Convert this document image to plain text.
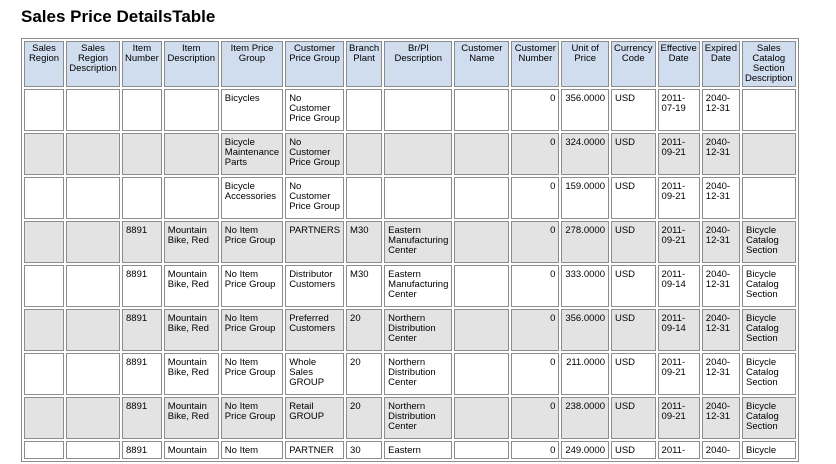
Sales Price DetailsTable
Sales Region	Sales Region Description	Item Number	Item Description	Item Price Group	Customer Price Group	Branch Plant	Br/Pl Description	Customer Name	Customer Number	Unit of Price	Currency Code	Effective Date	Expired Date	Sales Catalog Section Description
				Bicycles	No Customer Price Group				0	356.0000	USD	2011-07-19	2040-12-31	
				Bicycle Maintenance Parts	No Customer Price Group				0	324.0000	USD	2011-09-21	2040-12-31	
				Bicycle Accessories	No Customer Price Group				0	159.0000	USD	2011-09-21	2040-12-31	
		8891	Mountain Bike, Red	No Item Price Group	PARTNERS	M30	Eastern Manufacturing Center		0	278.0000	USD	2011-09-21	2040-12-31	Bicycle Catalog Section
		8891	Mountain Bike, Red	No Item Price Group	Distributor Customers	M30	Eastern Manufacturing Center		0	333.0000	USD	2011-09-14	2040-12-31	Bicycle Catalog Section
		8891	Mountain Bike, Red	No Item Price Group	Preferred Customers	20	Northern Distribution Center		0	356.0000	USD	2011-09-14	2040-12-31	Bicycle Catalog Section
		8891	Mountain Bike, Red	No Item Price Group	Whole Sales GROUP	20	Northern Distribution Center		0	211.0000	USD	2011-09-21	2040-12-31	Bicycle Catalog Section
		8891	Mountain Bike, Red	No Item Price Group	Retail GROUP	20	Northern Distribution Center		0	238.0000	USD	2011-09-21	2040-12-31	Bicycle Catalog Section
		8891	Mountain	No Item	PARTNER	30	Eastern		0	249.0000	USD	2011-	2040-	Bicycle
